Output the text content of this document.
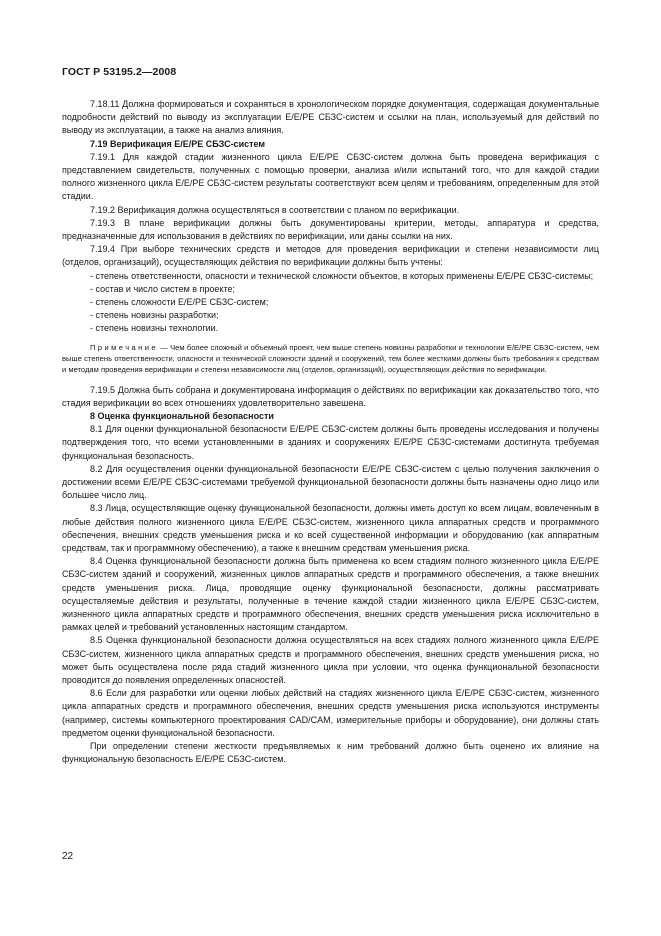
ГОСТ Р 53195.2—2008

7.18.11 Должна формироваться и сохраняться в хронологическом порядке документация, содержащая документальные подробности действий по выводу из эксплуатации Е/Е/PE СБЗС-систем и ссылки на план, используемый для действий по выводу из эксплуатации, а также на анализ влияния.

7.19 Верификация Е/Е/PE СБЗС-систем

7.19.1 Для каждой стадии жизненного цикла Е/Е/PE СБЗС-систем должна быть проведена верификация с представлением свидетельств, полученных с помощью проверки, анализа и/или испытаний того, что для каждой стадии полного жизненного цикла Е/Е/PE СБЗС-систем результаты соответствуют всем целям и требованиям, определенным для этой стадии.

7.19.2 Верификация должна осуществляться в соответствии с планом по верификации.

7.19.3 В плане верификации должны быть документированы критерии, методы, аппаратура и средства, предназначенные для использования в действиях по верификации, или даны ссылки на них.

7.19.4 При выборе технических средств и методов для проведения верификации и степени независимости лиц (отделов, организаций), осуществляющих действия по верификации должны быть учтены:

- степень ответственности, опасности и технической сложности объектов, в которых применены Е/Е/PE СБЗС-системы;

- состав и число систем в проекте;

- степень сложности Е/Е/PE СБЗС-систем;

- степень новизны разработки;

- степень новизны технологии.

Примечание — Чем более сложный и объемный проект, чем выше степень новизны разработки и технологии Е/Е/PE СБЗС-систем, чем выше степень ответственности, опасности и технической сложности зданий и сооружений, тем более жесткими должны быть требования к средствам и методам проведения верификации и степени независимости лиц (отделов, организаций), осуществляющих действия по верификации.

7.19.5 Должна быть собрана и документирована информация о действиях по верификации как доказательство того, что стадия верификации во всех отношениях удовлетворительно завешена.

8 Оценка функциональной безопасности

8.1 Для оценки функциональной безопасности Е/Е/PE СБЗС-систем должны быть проведены исследования и получены подтверждения того, что всеми установленными в зданиях и сооружениях Е/Е/PE СБЗС-системами достигнута требуемая функциональная безопасность.

8.2 Для осуществления оценки функциональной безопасности Е/Е/PE СБЗС-систем с целью получения заключения о достижении всеми Е/Е/PE СБЗС-системами требуемой функциональной безопасности должны быть назначены одно лицо или большее число лиц.

8.3 Лица, осуществляющие оценку функциональной безопасности, должны иметь доступ ко всем лицам, вовлеченным в любые действия полного жизненного цикла Е/Е/PE СБЗС-систем, жизненного цикла аппаратных средств и программного обеспечения, внешних средств уменьшения риска и ко всей существенной информации и оборудованию (как аппаратным средствам, так и программному обеспечению), а также к внешним средствам уменьшения риска.

8.4 Оценка функциональной безопасности должна быть применена ко всем стадиям полного жизненного цикла Е/Е/PE СБЗС-систем зданий и сооружений, жизненных циклов аппаратных средств и программного обеспечения, а также внешних средств уменьшения риска. Лица, проводящие оценку функциональной безопасности, должны рассматривать осуществляемые действия и результаты, полученные в течение каждой стадии жизненного цикла Е/Е/PE СБЗС-систем, жизненного цикла аппаратных средств и программного обеспечения, внешних средств уменьшения риска исключительно в рамках целей и требований установленных настоящим стандартом.

8.5 Оценка функциональной безопасности должна осуществляться на всех стадиях полного жизненного цикла Е/Е/PE СБЗС-систем, жизненного цикла аппаратных средств и программного обеспечения, внешних средств уменьшения риска, но может быть осуществлена после ряда стадий жизненного цикла при условии, что оценка функциональной безопасности проводится до появления определенных опасностей.

8.6 Если для разработки или оценки любых действий на стадиях жизненного цикла Е/Е/PE СБЗС-систем, жизненного цикла аппаратных средств и программного обеспечения, внешних средств уменьшения риска используются инструменты (например, системы компьютерного проектирования CAD/CAM, измерительные приборы и оборудование), они должны стать предметом оценки функциональной безопасности.

При определении степени жесткости предъявляемых к ним требований должно быть оценено их влияние на функциональную безопасность Е/Е/PE СБЗС-систем.

22
